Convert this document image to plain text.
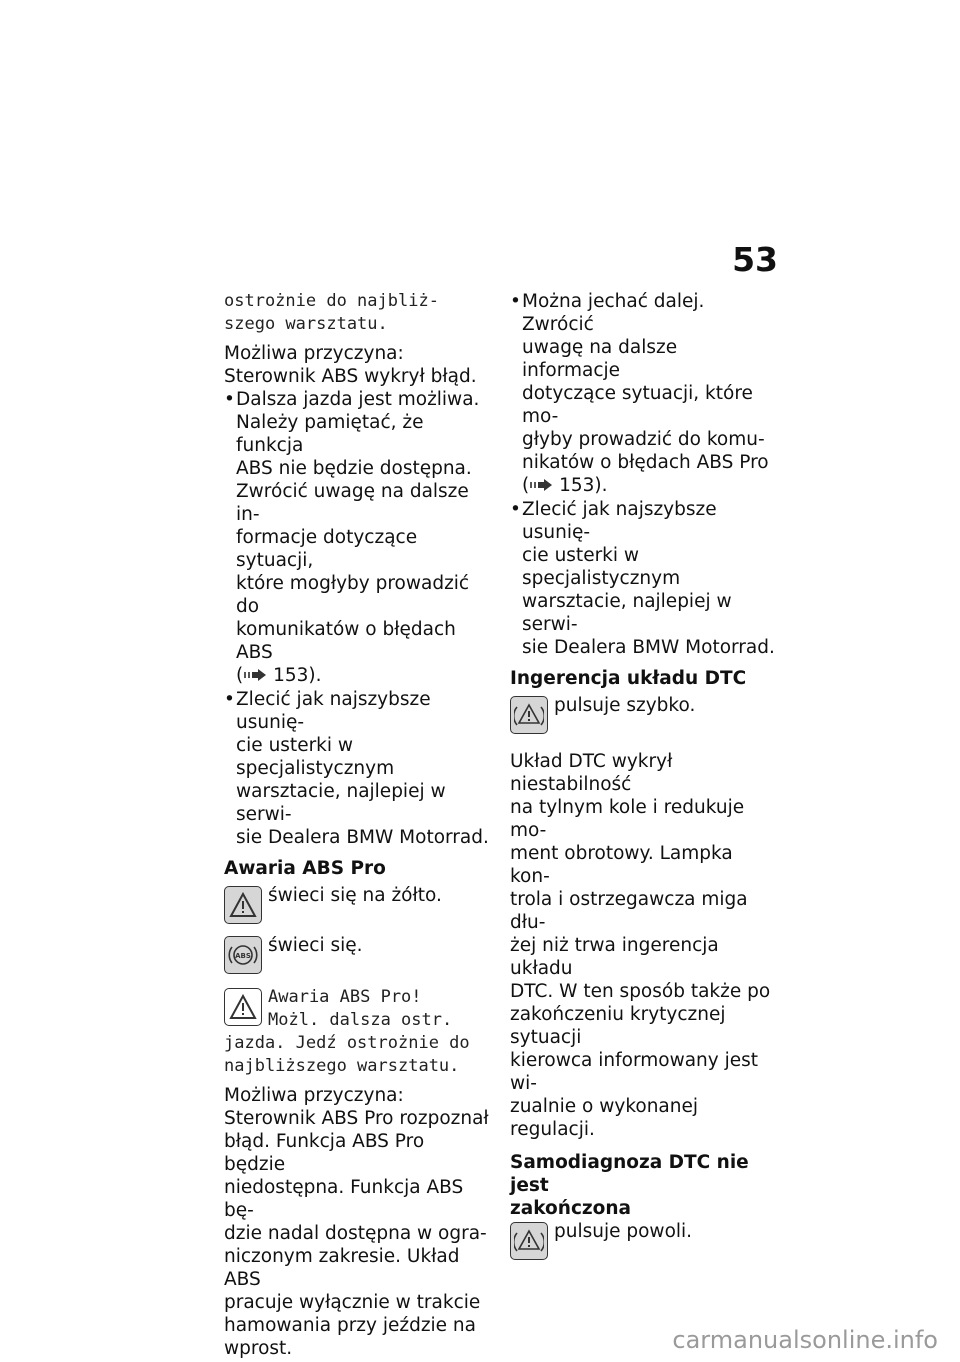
53

ostrożnie do najbliż-

szego warsztatu.

Możliwa przyczyna:

Sterownik ABS wykrył błąd.

• Dalsza jazda jest możliwa.
Należy pamiętać, że funkcja
ABS nie będzie dostępna.
Zwrócić uwagę na dalsze in-
formacje dotyczące sytuacji,
które mogłyby prowadzić do
komunikatów o błędach ABS
( 153).
• Zlecić jak najszybsze usunię-
cie usterki w specjalistycznym
warsztacie, najlepiej w serwi-
sie Dealera BMW Motorrad.

Awaria ABS Pro

świeci się na żółto.

ABS świeci się.

Awaria ABS Pro!

Możl. dalsza ostr.

jazda. Jedź ostrożnie do

najbliższego warsztatu.

Możliwa przyczyna:

Sterownik ABS Pro rozpoznał

błąd. Funkcja ABS Pro będzie

niedostępna. Funkcja ABS bę-

dzie nadal dostępna w ogra-

niczonym zakresie. Układ ABS

pracuje wyłącznie w trakcie

hamowania przy jeździe na

wprost.

• Można jechać dalej. Zwrócić
uwagę na dalsze informacje
dotyczące sytuacji, które mo-
głyby prowadzić do komu-
nikatów o błędach ABS Pro
( 153).
• Zlecić jak najszybsze usunię-
cie usterki w specjalistycznym
warsztacie, najlepiej w serwi-
sie Dealera BMW Motorrad.

Ingerencja układu DTC

pulsuje szybko.

Układ DTC wykrył niestabilność

na tylnym kole i redukuje mo-

ment obrotowy. Lampka kon-

trola i ostrzegawcza miga dłu-

żej niż trwa ingerencja układu

DTC. W ten sposób także po

zakończeniu krytycznej sytuacji

kierowca informowany jest wi-

zualnie o wykonanej regulacji.

Samodiagnoza DTC nie jest

zakończona

pulsuje powoli.

carmanualsonline.info
